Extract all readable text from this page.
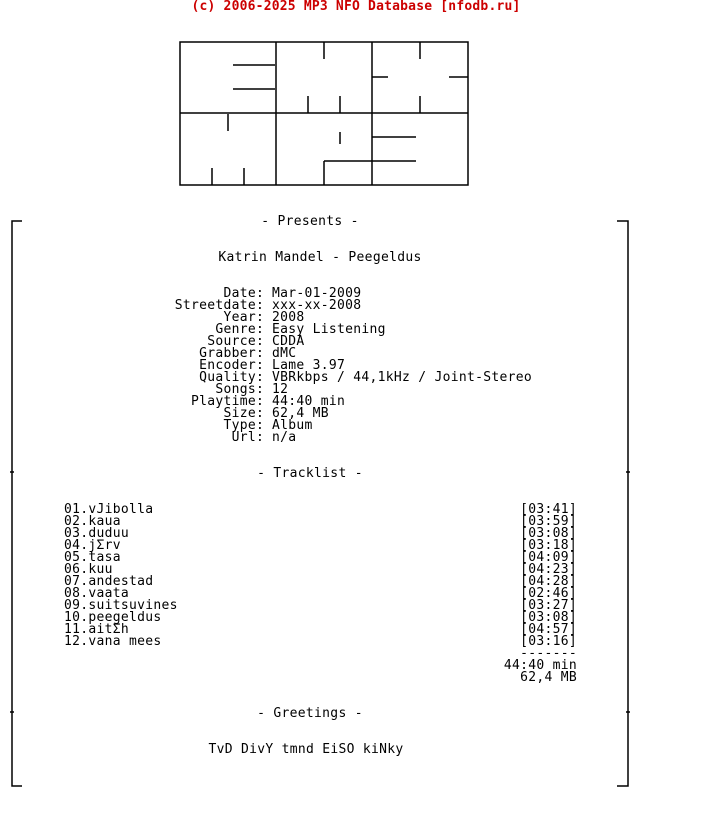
(c) 2006-2025 MP3 NFO Database [nfodb.ru]
- Presents -
Katrin Mandel - Peegeldus
Date : Mar-01-2009
Streetdate : xxx-xx-2008
Year : 2008
Genre : Easy Listening
Source : CDDA
Grabber : dMC
Encoder : Lame 3.97
Quality : VBRkbps / 44,1kHz / Joint-Stereo
Songs : 12
Playtime : 44:40 min
Size : 62,4 MB
Type : Album
Url : n/a
- Tracklist -
01.vJibolla	[03:41]
02.kaua	[03:59]
03.duduu	[03:08]
04.jΣrv	[03:18]
05.tasa	[04:09]
06.kuu	[04:23]
07.andestad	[04:28]
08.vaata	[02:46]
09.suitsuvines	[03:27]
10.peegeldus	[03:08]
11.aitΣh	[04:57]
12.vana mees	[03:16]
-------
44:40 min
62,4 MB
- Greetings -
TvD DivY tmnd EiSO kiNky
